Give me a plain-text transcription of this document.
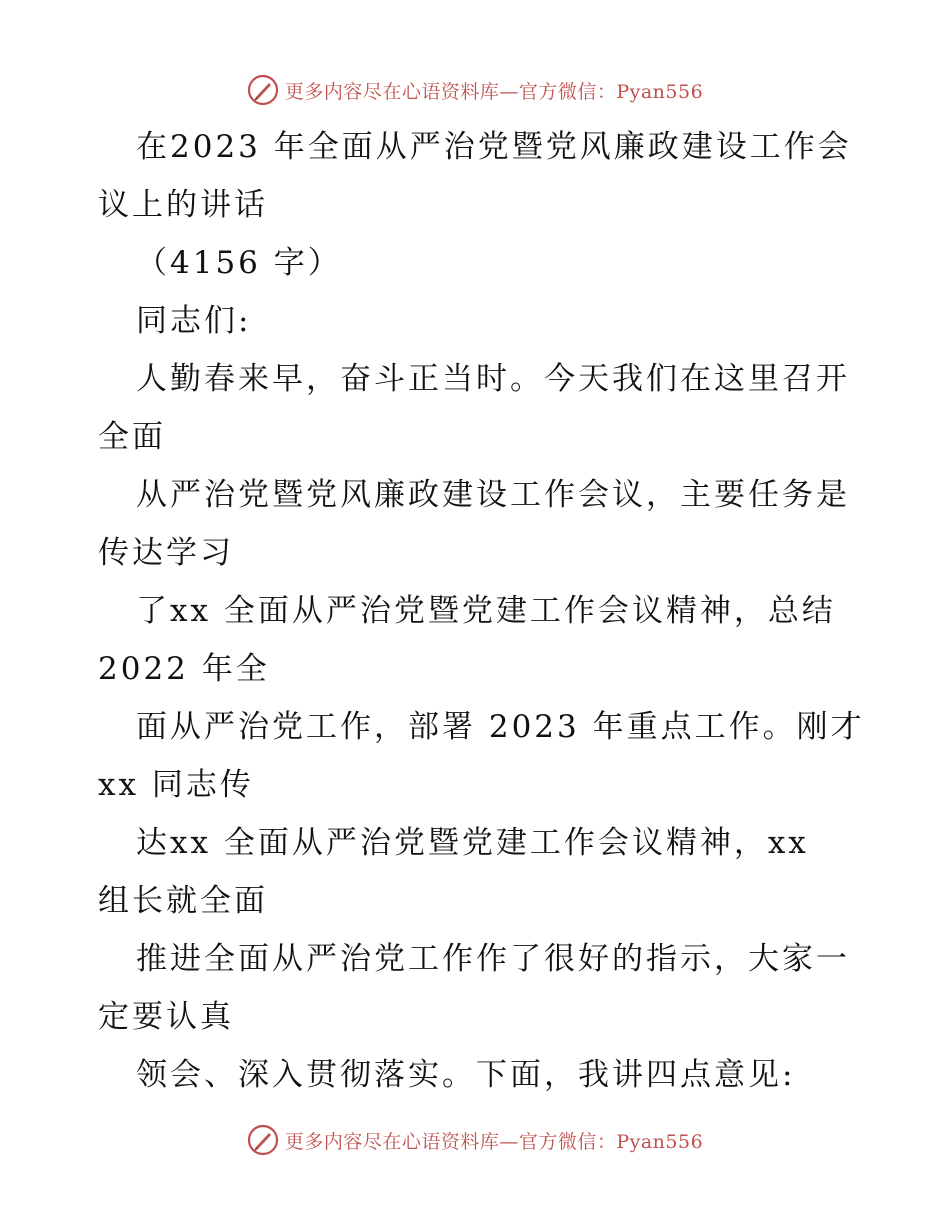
更多内容尽在心语资料库—官方微信：Pyan556
在2023 年全面从严治党暨党风廉政建设工作会
议上的讲话
（4156 字）
同志们:
人勤春来早，奋斗正当时。今天我们在这里召开
全面
从严治党暨党风廉政建设工作会议，主要任务是
传达学习
了xx 全面从严治党暨党建工作会议精神，总结
2022 年全
面从严治党工作，部署 2023 年重点工作。刚才
xx 同志传
达xx 全面从严治党暨党建工作会议精神，xx
组长就全面
推进全面从严治党工作作了很好的指示，大家一
定要认真
领会、深入贯彻落实。下面，我讲四点意见:
更多内容尽在心语资料库—官方微信：Pyan556
